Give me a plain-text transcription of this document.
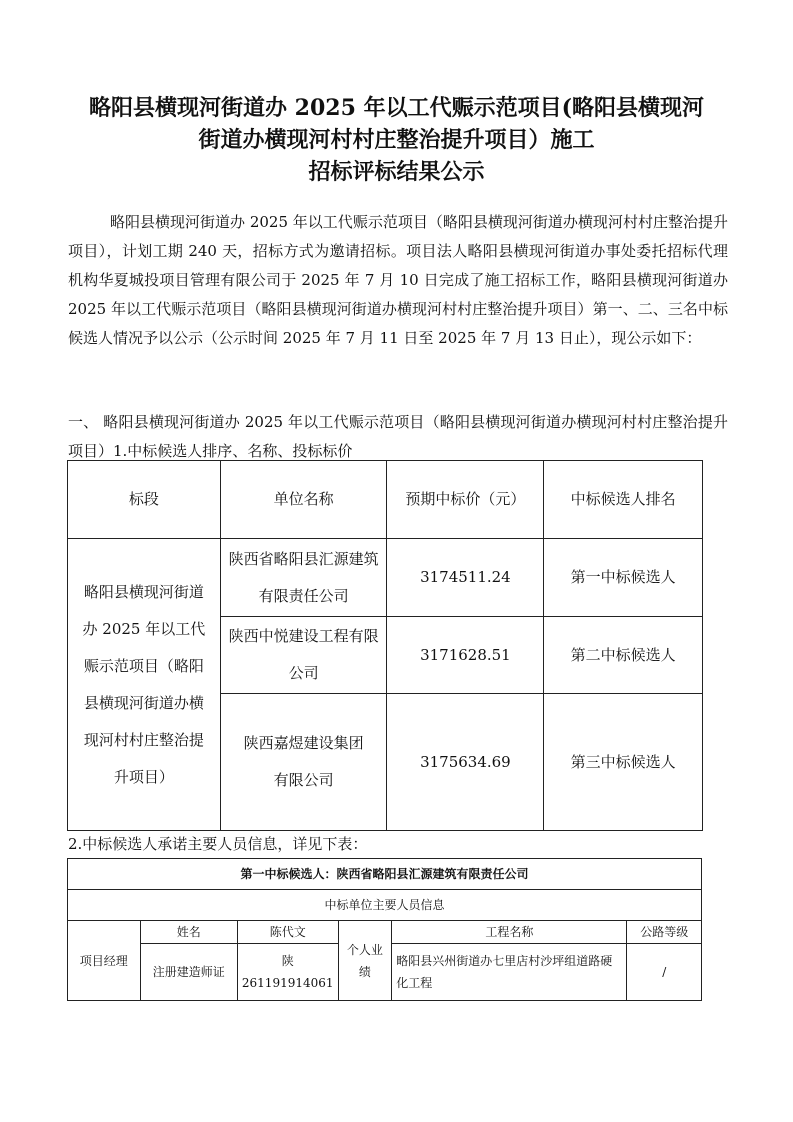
略阳县横现河街道办 2025 年以工代赈示范项目(略阳县横现河
街道办横现河村村庄整治提升项目）施工
招标评标结果公示

略阳县横现河街道办 2025 年以工代赈示范项目（略阳县横现河街道办横现河村村庄整治提升项目），计划工期 240 天，招标方式为邀请招标。项目法人略阳县横现河街道办事处委托招标代理机构华夏城投项目管理有限公司于 2025 年 7 月 10 日完成了施工招标工作，略阳县横现河街道办 2025 年以工代赈示范项目（略阳县横现河街道办横现河村村庄整治提升项目）第一、二、三名中标候选人情况予以公示（公示时间 2025 年 7 月 11 日至 2025 年 7 月 13 日止），现公示如下：

一、 略阳县横现河街道办 2025 年以工代赈示范项目（略阳县横现河街道办横现河村村庄整治提升项目）1.中标候选人排序、名称、投标标价

标段	单位名称	预期中标价（元）	中标候选人排名
略阳县横现河街道办 2025 年以工代赈示范项目（略阳县横现河街道办横现河村村庄整治提升项目）	陕西省略阳县汇源建筑有限责任公司	3174511.24	第一中标候选人
	陕西中悦建设工程有限公司	3171628.51	第二中标候选人
	陕西嘉煜建设集团有限公司	3175634.69	第三中标候选人
2.中标候选人承诺主要人员信息，详见下表：
第一中标候选人：陕西省略阳县汇源建筑有限责任公司					
中标单位主要人员信息					
项目经理	姓名	陈代文	个人业绩	工程名称	公路等级
	注册建造师证	陕 261191914061		略阳县兴州街道办七里店村沙坪组道路硬化工程	/
